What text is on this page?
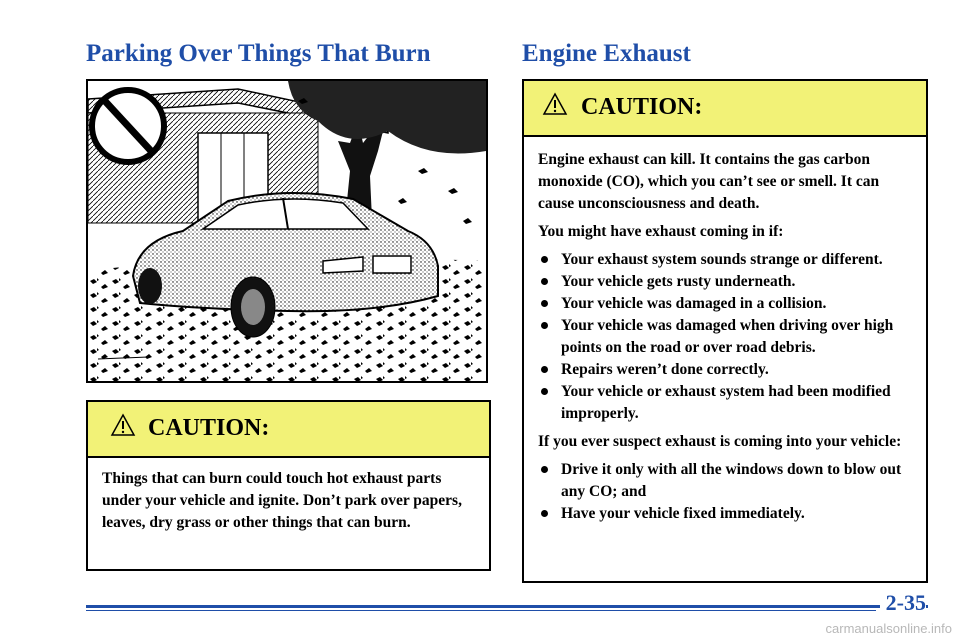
Parking Over Things That Burn	Engine Exhaust
CAUTION:

Things that can burn could touch hot exhaust parts under your vehicle and ignite. Don’t park over papers, leaves, dry grass or other things that can burn.

CAUTION:

Engine exhaust can kill. It contains the gas carbon monoxide (CO), which you can’t see or smell. It can cause unconsciousness and death.

You might have exhaust coming in if:

Your exhaust system sounds strange or different.
Your vehicle gets rusty underneath.
Your vehicle was damaged in a collision.
Your vehicle was damaged when driving over high points on the road or over road debris.
Repairs weren’t done correctly.
Your vehicle or exhaust system had been modified improperly.

If you ever suspect exhaust is coming into your vehicle:

Drive it only with all the windows down to blow out any CO; and
Have your vehicle fixed immediately.
2-35
carmanualsonline.info
